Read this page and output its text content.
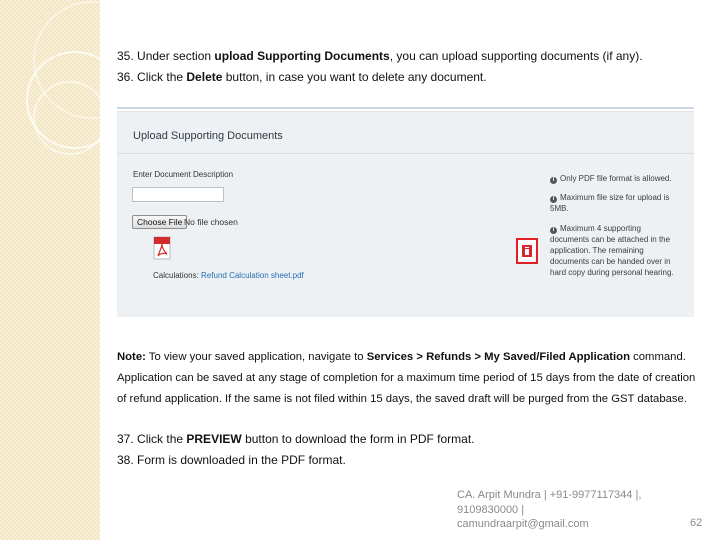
35. Under section upload Supporting Documents, you can upload supporting documents (if any).
36. Click the Delete button, in case you want to delete any document.
Upload Supporting Documents
Enter Document Description
Choose File No file chosen
Calculations: Refund Calculation sheet.pdf
i Only PDF file format is allowed.
i Maximum file size for upload is 5MB.
i Maximum 4 supporting documents can be attached in the application. The remaining documents can be handed over in hard copy during personal hearing.
Note: To view your saved application, navigate to Services > Refunds > My Saved/Filed Application command. Application can be saved at any stage of completion for a maximum time period of 15 days from the date of creation of refund application. If the same is not filed within 15 days, the saved draft will be purged from the GST database.
37. Click the PREVIEW button to download the form in PDF format.
38. Form is downloaded in the PDF format.
CA. Arpit Mundra | +91-9977117344 |,
9109830000 |
camundraarpit@gmail.com	62
